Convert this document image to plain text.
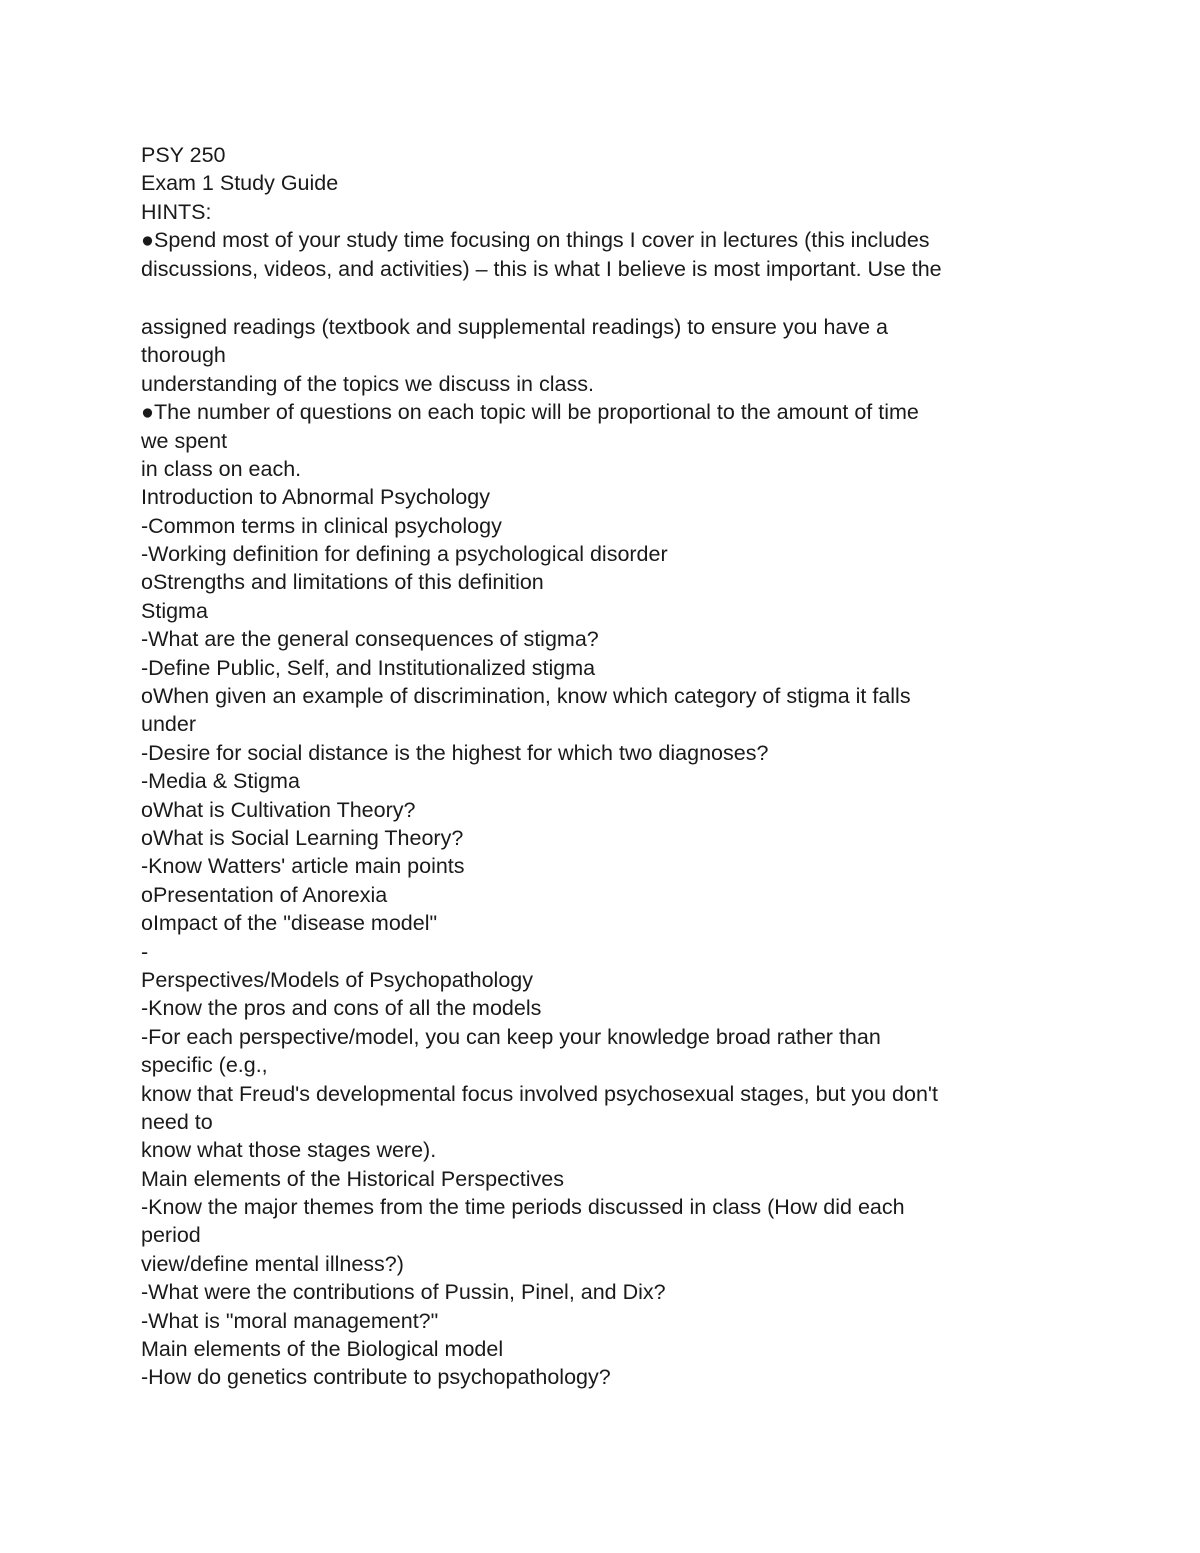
PSY 250
Exam 1 Study Guide
HINTS:
●Spend most of your study time focusing on things I cover in lectures (this includes
discussions, videos, and activities) – this is what I believe is most important. Use the
assigned readings (textbook and supplemental readings) to ensure you have a
thorough
understanding of the topics we discuss in class.
●The number of questions on each topic will be proportional to the amount of time
we spent
in class on each.
Introduction to Abnormal Psychology
-Common terms in clinical psychology
-Working definition for defining a psychological disorder
oStrengths and limitations of this definition
Stigma
-What are the general consequences of stigma?
-Define Public, Self, and Institutionalized stigma
oWhen given an example of discrimination, know which category of stigma it falls
under
-Desire for social distance is the highest for which two diagnoses?
-Media & Stigma
oWhat is Cultivation Theory?
oWhat is Social Learning Theory?
-Know Watters' article main points
oPresentation of Anorexia
oImpact of the "disease model"
-
Perspectives/Models of Psychopathology
-Know the pros and cons of all the models
-For each perspective/model, you can keep your knowledge broad rather than
specific (e.g.,
know that Freud's developmental focus involved psychosexual stages, but you don't
need to
know what those stages were).
Main elements of the Historical Perspectives
-Know the major themes from the time periods discussed in class (How did each
period
view/define mental illness?)
-What were the contributions of Pussin, Pinel, and Dix?
-What is "moral management?"
Main elements of the Biological model
-How do genetics contribute to psychopathology?
